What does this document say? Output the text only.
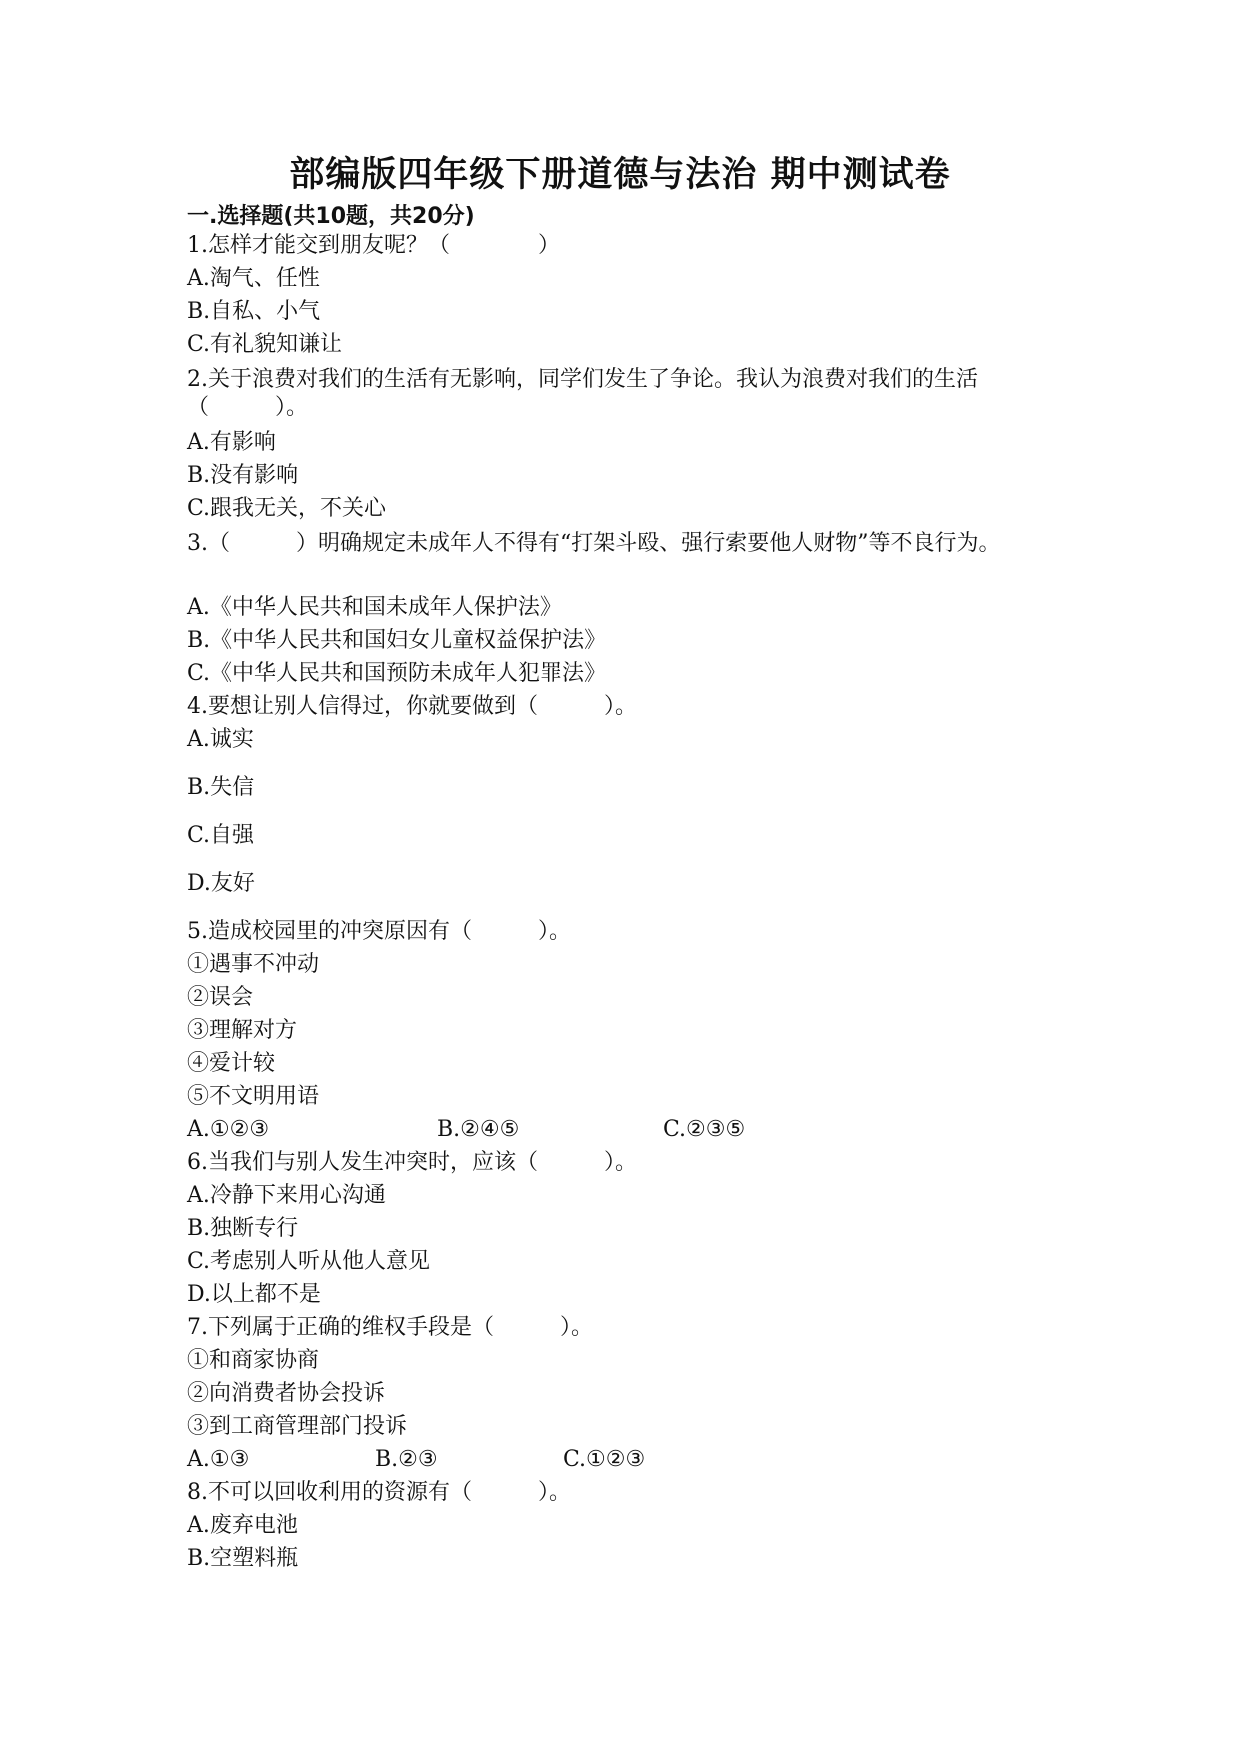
部编版四年级下册道德与法治 期中测试卷
一.选择题(共10题，共20分)
1.怎样才能交到朋友呢？（　　　　）
A.淘气、任性
B.自私、小气
C.有礼貌知谦让
2.关于浪费对我们的生活有无影响，同学们发生了争论。我认为浪费对我们的生活（　　　）。
A.有影响
B.没有影响
C.跟我无关，不关心
3.（　　　）明确规定未成年人不得有“打架斗殴、强行索要他人财物”等不良行为。
A.《中华人民共和国未成年人保护法》
B.《中华人民共和国妇女儿童权益保护法》
C.《中华人民共和国预防未成年人犯罪法》
4.要想让别人信得过，你就要做到（　　　）。
A.诚实
B.失信
C.自强
D.友好
5.造成校园里的冲突原因有（　　　）。
①遇事不冲动
②误会
③理解对方
④爱计较
⑤不文明用语
A.①②③	B.②④⑤	C.②③⑤
6.当我们与别人发生冲突时，应该（　　　）。
A.冷静下来用心沟通
B.独断专行
C.考虑别人听从他人意见
D.以上都不是
7.下列属于正确的维权手段是（　　　）。
①和商家协商
②向消费者协会投诉
③到工商管理部门投诉
A.①③	B.②③	C.①②③
8.不可以回收利用的资源有（　　　）。
A.废弃电池
B.空塑料瓶
